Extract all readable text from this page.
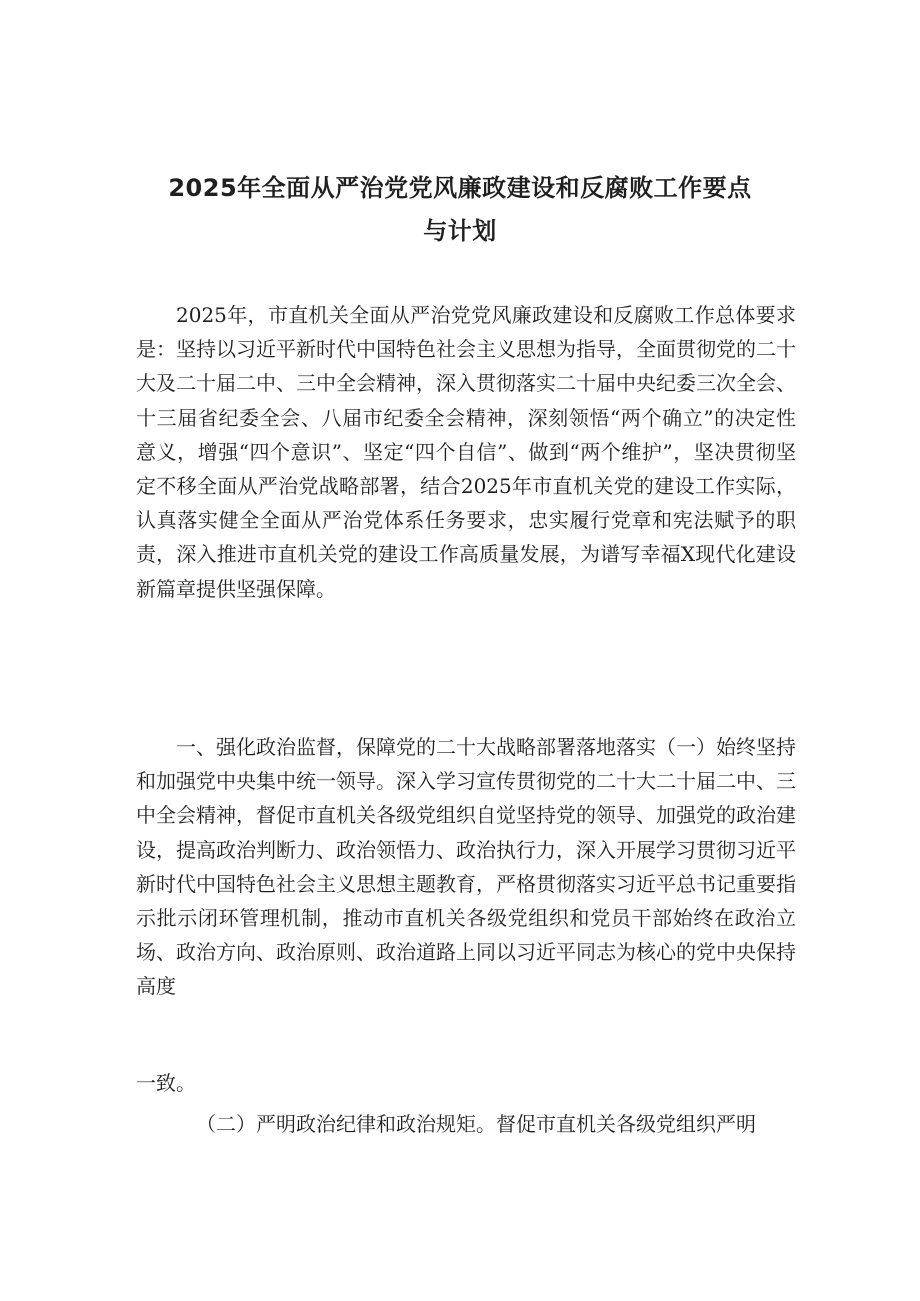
2025年全面从严治党党风廉政建设和反腐败工作要点
与计划

2025年，市直机关全面从严治党党风廉政建设和反腐败工作总体要求是：坚持以习近平新时代中国特色社会主义思想为指导，全面贯彻党的二十大及二十届二中、三中全会精神，深入贯彻落实二十届中央纪委三次全会、十三届省纪委全会、八届市纪委全会精神，深刻领悟“两个确立”的决定性意义，增强“四个意识”、坚定“四个自信”、做到“两个维护”，坚决贯彻坚定不移全面从严治党战略部署，结合2025年市直机关党的建设工作实际，认真落实健全全面从严治党体系任务要求，忠实履行党章和宪法赋予的职责，深入推进市直机关党的建设工作高质量发展，为谱写幸福X现代化建设新篇章提供坚强保障。

一、强化政治监督，保障党的二十大战略部署落地落实（一）始终坚持和加强党中央集中统一领导。深入学习宣传贯彻党的二十大二十届二中、三中全会精神，督促市直机关各级党组织自觉坚持党的领导、加强党的政治建设，提高政治判断力、政治领悟力、政治执行力，深入开展学习贯彻习近平新时代中国特色社会主义思想主题教育，严格贯彻落实习近平总书记重要指示批示闭环管理机制，推动市直机关各级党组织和党员干部始终在政治立场、政治方向、政治原则、政治道路上同以习近平同志为核心的党中央保持高度

一致。

（二）严明政治纪律和政治规矩。督促市直机关各级党组织严明
